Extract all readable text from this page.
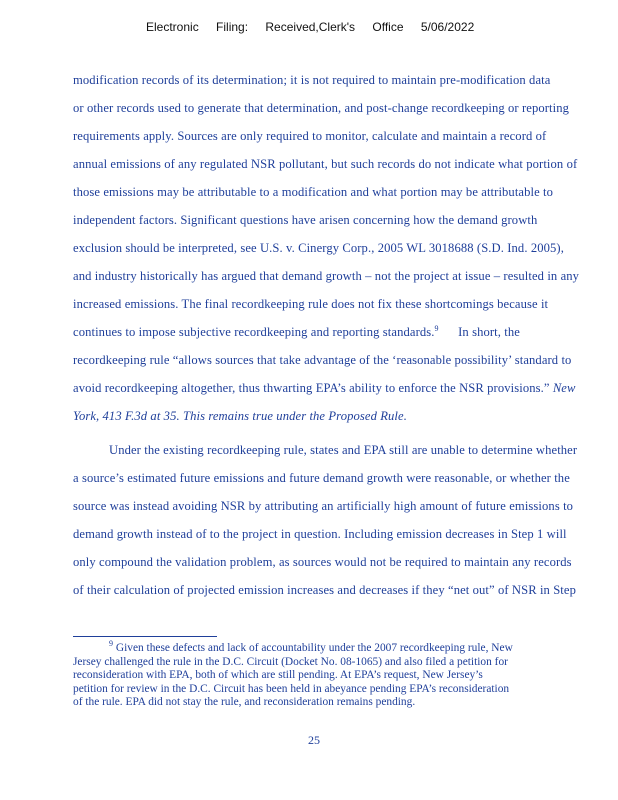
Electronic Filing: Received,Clerk's Office 5/06/2022
modification records of its determination; it is not required to maintain pre-modification data
or other records used to generate that determination, and post-change recordkeeping or reporting
requirements apply. Sources are only required to monitor, calculate and maintain a record of
annual emissions of any regulated NSR pollutant, but such records do not indicate what portion of
those emissions may be attributable to a modification and what portion may be attributable to
independent factors. Significant questions have arisen concerning how the demand growth
exclusion should be interpreted, see U.S. v. Cinergy Corp., 2005 WL 3018688 (S.D. Ind. 2005),
and industry historically has argued that demand growth – not the project at issue – resulted in any
increased emissions. The final recordkeeping rule does not fix these shortcomings because it
continues to impose subjective recordkeeping and reporting standards.$^9$ In short, the
recordkeeping rule “allows sources that take advantage of the ‘reasonable possibility’ standard to
avoid recordkeeping altogether, thus thwarting EPA’s ability to enforce the NSR provisions.” New
York, 413 F.3d at 35. This remains true under the Proposed Rule.
Under the existing recordkeeping rule, states and EPA still are unable to determine whether
a source’s estimated future emissions and future demand growth were reasonable, or whether the
source was instead avoiding NSR by attributing an artificially high amount of future emissions to
demand growth instead of to the project in question. Including emission decreases in Step 1 will
only compound the validation problem, as sources would not be required to maintain any records
of their calculation of projected emission increases and decreases if they “net out” of NSR in Step
$^9$ Given these defects and lack of accountability under the 2007 recordkeeping rule, New
Jersey challenged the rule in the D.C. Circuit (Docket No. 08-1065) and also filed a petition for
reconsideration with EPA, both of which are still pending. At EPA’s request, New Jersey’s
petition for review in the D.C. Circuit has been held in abeyance pending EPA’s reconsideration
of the rule. EPA did not stay the rule, and reconsideration remains pending.
25
